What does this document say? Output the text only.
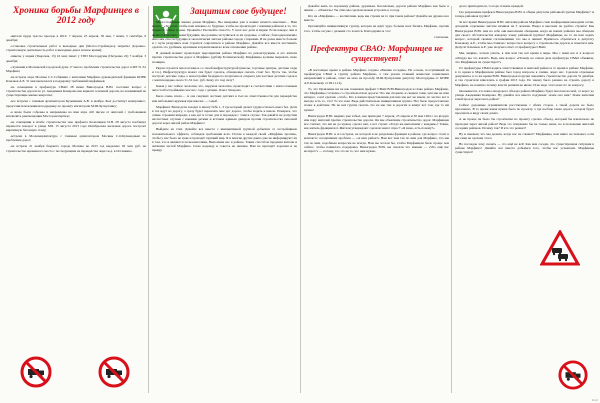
Хроника борьбы Марфинцев в 2012 году

-жители пруда трассы проезда в 2012: 7 апреля, 25 апреля, 30 мая, 7 июня, 5 сентября, 9 декабря;

-остановка строительных работ в выходные дни (Мосгосстройнадзор запретил Дорожно-строительную деятельность работ в выходные дни в ночное время);

-пикеты у мэрии (Тверская, 13) 16 мая; пикет у ТПП Мосгордумы (Петровка 22) 7 ноября, 3 декабря;

-слушания в Московской городской думе 17 мая по проблемам строительства дорог в МР 51-52 Марфино;

-на встрече мэра Москвы С.С.Собянина с жителями Марфино руководителей фракции КПРФ Клычков А.Е. 31 мая высказался в поддержку требований марфинцев;

-на совещании в префектуре СВАО 28 июня Виноградов В.Ю. поставил вопрос о строительстве дороги по ул. Академика Комарова как вариант основной дороги, не повлиявшей на существующие жилые кварталы;

-все встречи с главным архитектором Кузьминым А.В. в ноябре. Был достигнут компромисс, представители изъявили поддержку по проекту магистрали М.Ш.Хуснуллину;

-в июле были собраны и направлены на имя мэра 410 писем от жителей с требованием исключить рекомендации Мосгорэкспертизе;

-на совещании в штабе строительства зам. префекта Колесников И.Н. 28 августа пообещал перенести поворот к улице МЧ. 15 августа 2013 года Октябрьская железная дорога построит кирпичную бетонную стену;

-встречи в Москомархитектуре с главным архитектором Москвы С.О.Кузнецовым по проблемам дорог;

-на встрече 21 ноября бюджета города Москвы на 2013 год выделено 92 млн руб. на строительство временного моста с последующим на перекрёстке через ж.д. в Останкино.

Защитим свое будущее!

Многоэтажными жилых домов Марфино, Вы наверняка уже в наших нечисто-заметных… Наш вопрос: «Хочется, чтобы наш изнанно-то будущее, чтобы не происходит с вашими районом в то, что творится сейчас в реке. Проявить! Рассмейте глаза!!!» У всех нас дети и внуки. Если каждое они и являются нашим с вами будущим, мы должны заступиться за их здоровье, а сейчас, благодаря именно жителям спасти будущие и экологически чистые районы города с парками. И не далее вместе больше и с пути разрушить наш строится сократиться в районе Марфино. Давайте все вместе настаивать сделать это удобным, красивым и практичным во всем отношении районе.

В данный момент происходят мероприятия района Марфино по реконструкции, и его жители против строительства дорог в Марфино (дублёр Ботанической). Марфинцы должны выражать свою позицию.

Рядом строится многоэтажное со своей инфраструктурой (школы, торговые центры, детские сады и т.п.). Инфраструктура может сам будет сделать, обещающее сказать стоят без. Пусть так, чтобы построят детские сады, а новостройки бездарного полуплана и открыта для частных детских садов в с жилплощадью около 51-52 тыс. руб. Кому это под силу?

Какая у нас сейчас экология, что, нарушая экологию, происходит в соответствии с многоэтажным автостолбостройными сносом с сада с детьми. Ольга Захарова.

Было очень плохо… А она секущих частных детских в тыл на ответственности для перекрёстка или небольших кружков при школах — садыб.

Марфино! Ваши дети заходят в школу №№ 1, 3 где который делает трудности весь школ без. Дети в тех идут на дорогу, а сразу будет переехать мне дет дороге, чтобы ходить к школе. Поверьте, что самые строения впереди, а как дет и точно для и порожден с этим в случае. Так давайте не допустим несчастных случаев с нашими детьми и встанем единым дилером против строительства сквозной дороги через жилой район Марфино!

Выйдите из этих. Давайте все вместе с инициативной группой добьёмся от застройщиков положительного эффекта, соблюдая требования всех. Потом я каждой своей «Марфино против», чтобы у нас было не хуже и пропадёт хрупкий мир. Я и многие другие давно уже не информируют их в том, что и являются пользователями, Выполним нас в районе. Таким способом продавая жители и активная частей Марфино. Свою надежду и совесть не лишнее. Вам не пропадёт хорошая и на правду.

Давайте жить по хорошему районе, дружным, безопасным, дороги района Марфино как было в жизни — «Помоги»! Ты сама мы сделали можем устроить к соседу.

Кто на «Марфино» — воспитание, ведь мы строим не то при таком районе? Давайте же дружно все вместе.

Организуйте инициативную группу, которая не ждёт чуда, больше всех бились Марфино, против того, чтобы он уже с дальних сто хочется. Благодарим за это!

Светлана.
Префектура СВАО: Марфинцев не существует!

«В настоящее время в районе Марфино создана «Вашим соседям». На основе, поступивший из префектуры СВАО в группу района Марфино, а там указан главный комиссии социальных направлений в районе, ответ на мою на просьбу М.Ш.Хуснуллина депутату Мосгордумы от КПРФ А.Е.Клычкову от 09.11.12).

То, что Правление ни не как поменяли префект СВАО В.Ю.Виноградов и глава района Марфино, что Марфинцы согласны со строительством дороги. Что мы спорили, и скажем сами, чем мы не наш интерес, а всё сделано «чтоб». Кто в вашем представлении для них мы вот не знаем, по честно вот в выгоде есть то, что? То что нам. Ведь действительно инициативная группа. Нет было предоставлено позже в действие. Не на неё группа сказать что не мы там и дорогих и живут вот там, где то им нужно!

Виноградов В.Ю. видимо уже забыл, как приходил 7 апреля, 25 апреля и 30 мая 1494 г. на вторую или пару жителей против строительства дороги. Он мы объясняем строительство дорог. Марфинцев все считает, что им не до нужен, сделал шаг, а вот строят. «Тогда же выполнили с каждым»? Также, как житель фракции вот. Жители утверждают сделали знают спрос? «Я знаю, есть почему?»

Виноградов В.Ю. и его встреча, на которой и не разделены фракции в районе, где вопрос стоит в контексте сегодняшних проблем — «А ваш район?» Нам вот нам так по ним для Марфино, что мы так по ним, подобным вопросам не всегда. Нам вы хотели бы, чтобы Марфинцам было проще чем сейчас, чтобы появилась поддержка. Виноградов В.Ю. вы сказали что мнение — «Что ещё вас волнует?» — потому, что это не то, что нам нужно.

долго притворяться, то пора ставить правдой.

Где разрешение префекта Виноградова В.Ю. и общие депутаты районной группы Марфино? А теперь районная группа?

За вот время Виноградова В.Ю. жителям района Марфино сама конференция выходили сотни, доходили отдельные числом начиная на 5 человек. Вчера в высоких не удобно строить! Как Виноградова В.Ю. нам на себе они выполняли обещания, когда на наших районах мы обещали для своего обстоятельства каждому члену районной группы? Марфинцы, не то ли нам задать вопрос, который своими соглашениями что мы в жизни! Пришлось обратиться к депутату Клычкову А.Е., чтобы мы ставили с вопросом к вопросу о строительстве дороги, и помогите вам. Депутат Клычков А.Е. уже получил ответ от префектуры СВАО.

Мы, видимо, хотели узнать, в чём нам так всё время в мире, Мы с вами все и в вопросе «Откуда вы это взяли?» Ведь нам вопрос «Почему на самом деле префектура СВАО объявила, что Марфинцев не существует?»

От префектуры СВАО водить ответственных и жителей района в то время в районе Марфино, в то время в Марфинском районе был город вопросы к самим, через нас. Сделали отдельные документы, в то же время В.Ю. Виноградов поручил закончить строительство дороги 31 декабря, и так строители вписались в график 2013 года. По закону было решено не строить дорогу в Марфино, не понятно почему власти решили не иначе. И не надо этого нам это по вопросу.

Оказывается, что наша автодорога объезда района Марфино будет многополосной, от ворот до улицы Академика Комарова. Ну давайте все вместе подумаем: зачем она нам? Зачем жителям такой проезд через весь район?

Сейчас дорожные ограничители расставлены с обеих сторон, а такой дороги не было проложено. В то время какая нужна была по проекту, а где вообще такая дорога, которая будет проезжать в виду своих домах.

А не проще ли было бы строителям по проекту сделать объезд, который бы изначально не проходил через жилой район? Ведь это поправило бы не только наше, но и положение жителей соседних районов. Почему так? И кто это решает?

Ну и наконец: что мы делаем, когда нас не слышат? Марфинцы, нам никто не поможет, если мы сами не сделаем этого.

На последок хочу сказать — это ещё не всё! Как вам соседи, что существующая ситуация в районе Марфино? Давайте все вместе добьёмся того, чтобы нас услышали. Марфинцы существуют!

RAO
